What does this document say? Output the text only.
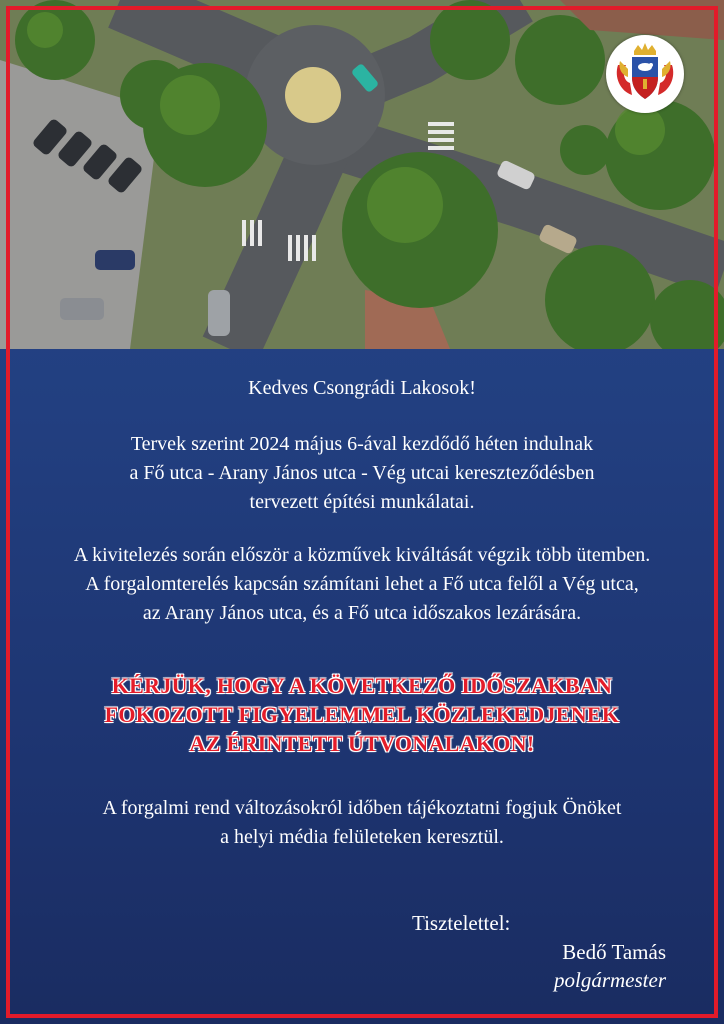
Kedves Csongrádi Lakosok!
Tervek szerint 2024 május 6-ával kezdődő héten indulnak
a Fő utca - Arany János utca - Vég utcai kereszteződésben
tervezett építési munkálatai.
A kivitelezés során először a közművek kiváltását végzik több ütemben.
A forgalomterelés kapcsán számítani lehet a Fő utca felől a Vég utca,
az Arany János utca, és a Fő utca időszakos lezárására.
KÉRJÜK, HOGY A KÖVETKEZŐ IDŐSZAKBAN
FOKOZOTT FIGYELEMMEL KÖZLEKEDJENEK
AZ ÉRINTETT ÚTVONALAKON!
A forgalmi rend változásokról időben tájékoztatni fogjuk Önöket
a helyi média felületeken keresztül.
Tisztelettel:
Bedő Tamás
polgármester
